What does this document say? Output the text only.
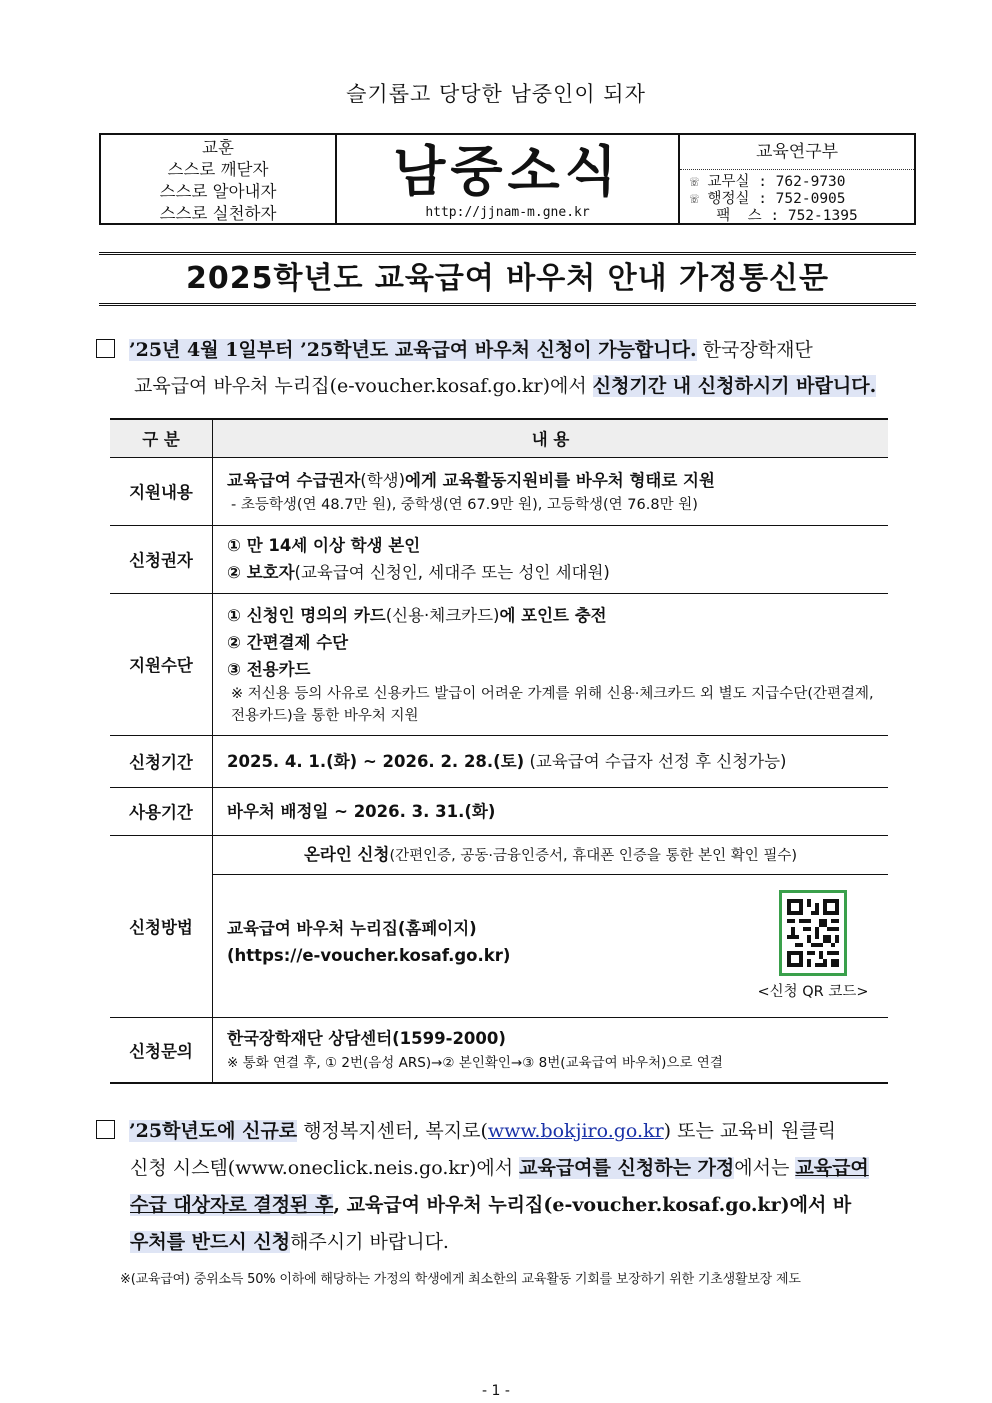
슬기롭고 당당한 남중인이 되자
교훈
스스로 깨닫자
스스로 알아내자
스스로 실천하자
남중소식
http://jjnam-m.gne.kr
교육연구부
☏ 교무실 : 762-9730
☏ 행정실 : 752-0905
팩  스 : 752-1395
2025학년도 교육급여 바우처 안내 가정통신문
’25년 4월 1일부터 ’25학년도 교육급여 바우처 신청이 가능합니다. 한국장학재단
교육급여 바우처 누리집(e-voucher.kosaf.go.kr)에서 신청기간 내 신청하시기 바랍니다.
구 분	내 용
지원내용	교육급여 수급권자(학생)에게 교육활동지원비를 바우처 형태로 지원
- 초등학생(연 48.7만 원), 중학생(연 67.9만 원), 고등학생(연 76.8만 원)

신청권자	① 만 14세 이상 학생 본인
② 보호자(교육급여 신청인, 세대주 또는 성인 세대원)

지원수단	① 신청인 명의의 카드(신용·체크카드)에 포인트 충전
② 간편결제 수단
③ 전용카드
※ 저신용 등의 사유로 신용카드 발급이 어려운 가계를 위해 신용·체크카드 외 별도 지급수단(간편결제, 전용카드)을 통한 바우처 지원

신청기간	2025. 4. 1.(화) ~ 2026. 2. 28.(토) (교육급여 수급자 선정 후 신청가능)

사용기간	바우처 배정일 ~ 2026. 3. 31.(화)

신청방법	온라인 신청(간편인증, 공동·금융인증서, 휴대폰 인증을 통한 본인 확인 필수)
교육급여 바우처 누리집(홈페이지)
(https://e-voucher.kosaf.go.kr)
<신청 QR 코드>

신청문의	한국장학재단 상담센터(1599-2000)
※ 통화 연결 후, ① 2번(음성 ARS)→② 본인확인→③ 8번(교육급여 바우처)으로 연결
’25학년도에 신규로 행정복지센터, 복지로(www.bokjiro.go.kr) 또는 교육비 원클릭
신청 시스템(www.oneclick.neis.go.kr)에서 교육급여를 신청하는 가정에서는 교육급여
수급 대상자로 결정된 후, 교육급여 바우처 누리집(e-voucher.kosaf.go.kr)에서 바
우처를 반드시 신청해주시기 바랍니다.
※(교육급여) 중위소득 50% 이하에 해당하는 가정의 학생에게 최소한의 교육활동 기회를 보장하기 위한 기초생활보장 제도
- 1 -
